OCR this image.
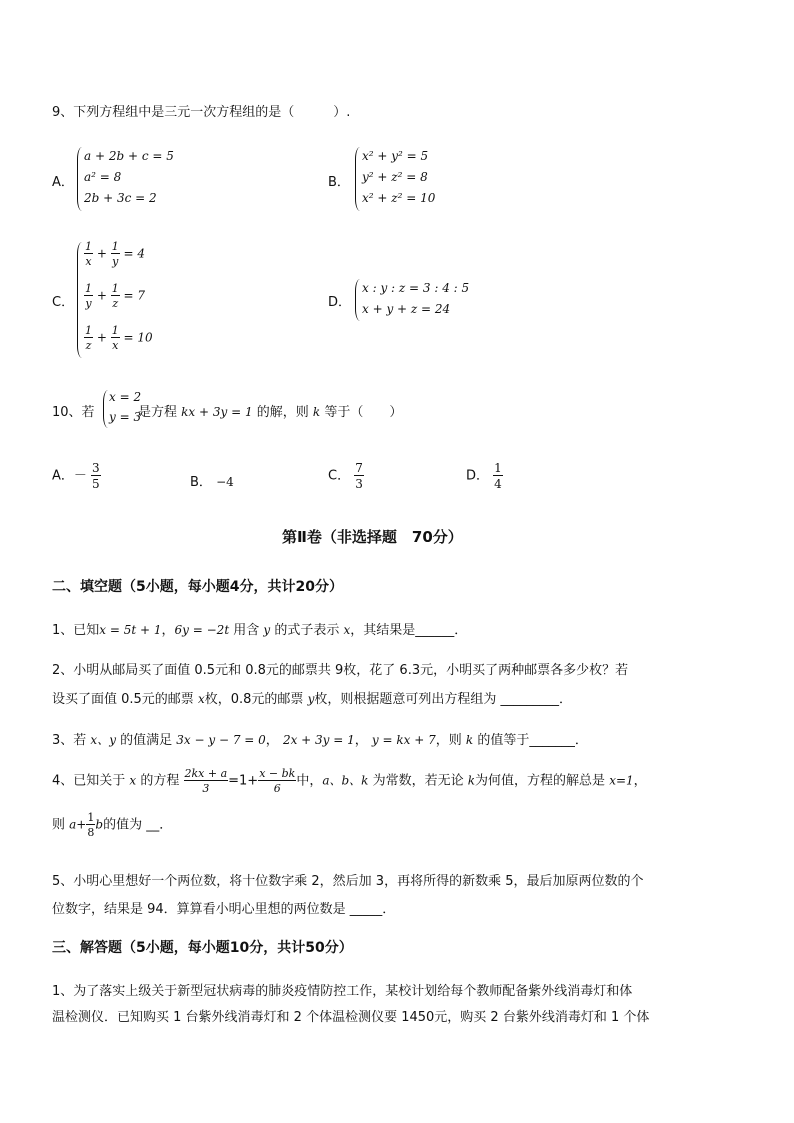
9、下列方程组中是三元一次方程组的是（　　　）.
A．
a + 2b + c = 5
a² = 8
2b + 3c = 2
B．
x² + y² = 5
y² + z² = 8
x² + z² = 10
C．
$\frac{1}{x} + \frac{1}{y} = 4$
$\frac{1}{y} + \frac{1}{z} = 7$
$\frac{1}{z} + \frac{1}{x} = 10$
D．
x : y : z = 3 : 4 : 5
x + y + z = 24
10、若
x = 2
y = 3
是方程 kx + 3y = 1 的解，则 k 等于（　　）
A．－ $\frac{3}{5}$	B． −4	C． $\frac{7}{3}$	D． $\frac{1}{4}$
第Ⅱ卷（非选择题　70分）
二、填空题（5小题，每小题4分，共计20分）
1、已知x = 5t + 1，6y = −2t 用含 y 的式子表示 x，其结果是______．
2、小明从邮局买了面值 0.5元和 0.8元的邮票共 9枚，花了 6.3元，小明买了两种邮票各多少枚？若
设买了面值 0.5元的邮票 x枚，0.8元的邮票 y枚，则根据题意可列出方程组为 _________．
3、若 x、y 的值满足 3x − y − 7 = 0， 2x + 3y = 1， y = kx + 7，则 k 的值等于_______．
4、已知关于 x 的方程 $\frac{2kx + a}{3} =1+ \frac{x - bk}{6}$ 中，a、b、k 为常数，若无论 k为何值，方程的解总是 x=1，
则 $a+ \frac{1}{8}$ b的值为 __．
5、小明心里想好一个两位数，将十位数字乘 2，然后加 3，再将所得的新数乘 5，最后加原两位数的个
位数字，结果是 94．算算看小明心里想的两位数是 _____．
三、解答题（5小题，每小题10分，共计50分）
1、为了落实上级关于新型冠状病毒的肺炎疫情防控工作，某校计划给每个教师配备紫外线消毒灯和体
温检测仪．已知购买 1 台紫外线消毒灯和 2 个体温检测仪要 1450元，购买 2 台紫外线消毒灯和 1 个体
